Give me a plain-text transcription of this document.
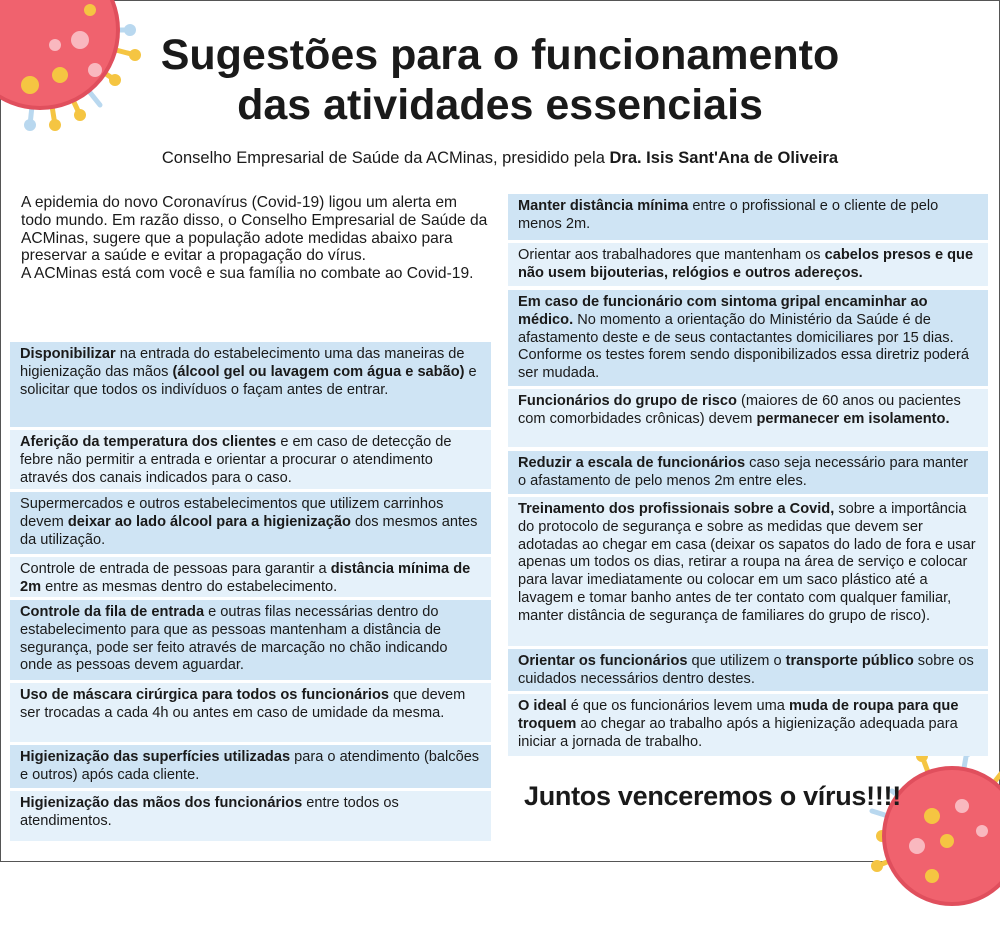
Sugestões para o funcionamento
das atividades essenciais

Conselho Empresarial de Saúde da ACMinas, presidido pela Dra. Isis Sant'Ana de Oliveira

A epidemia do novo Coronavírus (Covid-19) ligou um alerta em todo mundo. Em razão disso, o Conselho Empresarial de Saúde da ACMinas, sugere que a população adote medidas abaixo para preservar a saúde e evitar a propagação do vírus.
A ACMinas está com você e sua família no combate ao Covid-19.
Disponibilizar na entrada do estabelecimento uma das maneiras de higienização das mãos (álcool gel ou lavagem com água e sabão) e solicitar que todos os indivíduos o façam antes de entrar.
Aferição da temperatura dos clientes e em caso de detecção de febre não permitir a entrada e orientar a procurar o atendimento através dos canais indicados para o caso.
Supermercados e outros estabelecimentos que utilizem carrinhos devem deixar ao lado álcool para a higienização dos mesmos antes da utilização.
Controle de entrada de pessoas para garantir a distância mínima de 2m entre as mesmas dentro do estabelecimento.
Controle da fila de entrada e outras filas necessárias dentro do estabelecimento para que as pessoas mantenham a distância de segurança, pode ser feito através de marcação no chão indicando onde as pessoas devem aguardar.
Uso de máscara cirúrgica para todos os funcionários que devem ser trocadas a cada 4h ou antes em caso de umidade da mesma.
Higienização das superfícies utilizadas para o atendimento (balcões e outros) após cada cliente.
Higienização das mãos dos funcionários entre todos os atendimentos.
Manter distância mínima entre o profissional e o cliente de pelo menos 2m.
Orientar aos trabalhadores que mantenham os cabelos presos e que não usem bijouterias, relógios e outros adereços.
Em caso de funcionário com sintoma gripal encaminhar ao médico. No momento a orientação do Ministério da Saúde é de afastamento deste e de seus contactantes domiciliares por 15 dias. Conforme os testes forem sendo disponibilizados essa diretriz poderá ser mudada.
Funcionários do grupo de risco (maiores de 60 anos ou pacientes com comorbidades crônicas) devem permanecer em isolamento.
Reduzir a escala de funcionários caso seja necessário para manter o afastamento de pelo menos 2m entre eles.
Treinamento dos profissionais sobre a Covid, sobre a importância do protocolo de segurança e sobre as medidas que devem ser adotadas ao chegar em casa (deixar os sapatos do lado de fora e usar apenas um todos os dias, retirar a roupa na área de serviço e colocar para lavar imediatamente ou colocar em um saco plástico até a lavagem e tomar banho antes de ter contato com qualquer familiar, manter distância de segurança de familiares do grupo de risco).
Orientar os funcionários que utilizem o transporte público sobre os cuidados necessários dentro destes.
O ideal é que os funcionários levem uma muda de roupa para que troquem ao chegar ao trabalho após a higienização adequada para iniciar a jornada de trabalho.

Juntos venceremos o vírus!!!!
